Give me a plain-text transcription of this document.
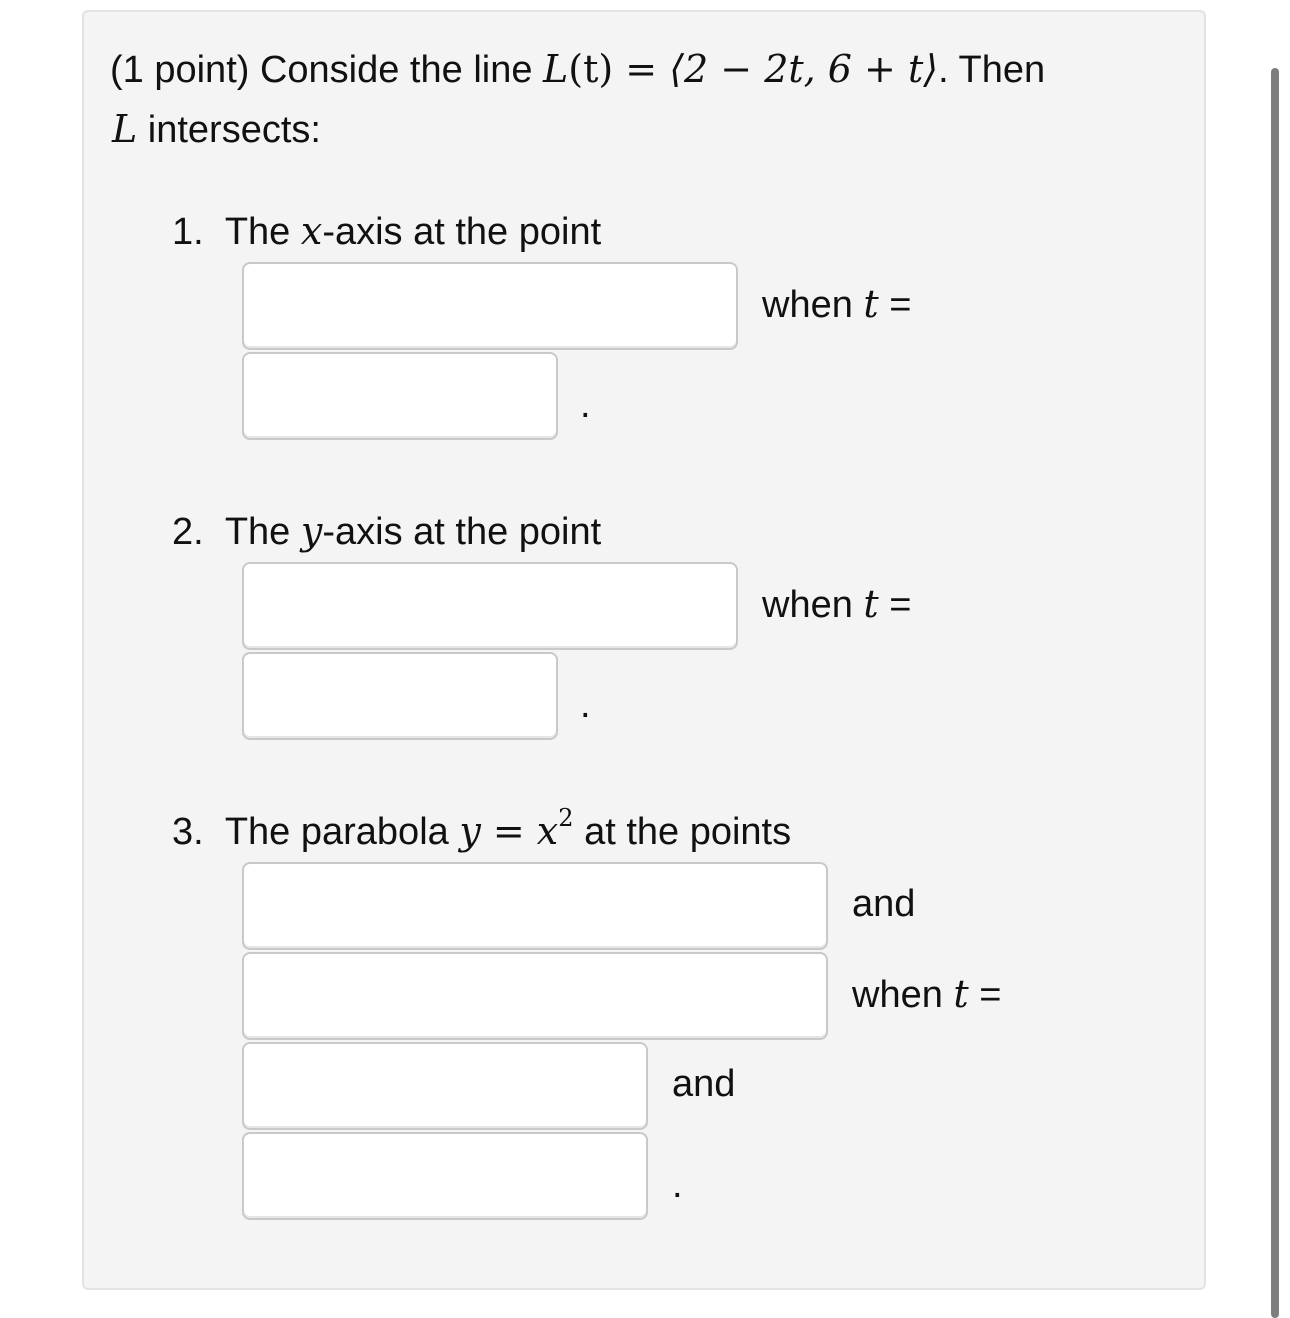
(1 point) Conside the line L(t) = ⟨2 − 2t, 6 + t⟩. Then
L intersects:
1. The x-axis at the point
when t =
.
2. The y-axis at the point
when t =
.
3. The parabola $y = x^2$ at the points
and
when t =
and
.
